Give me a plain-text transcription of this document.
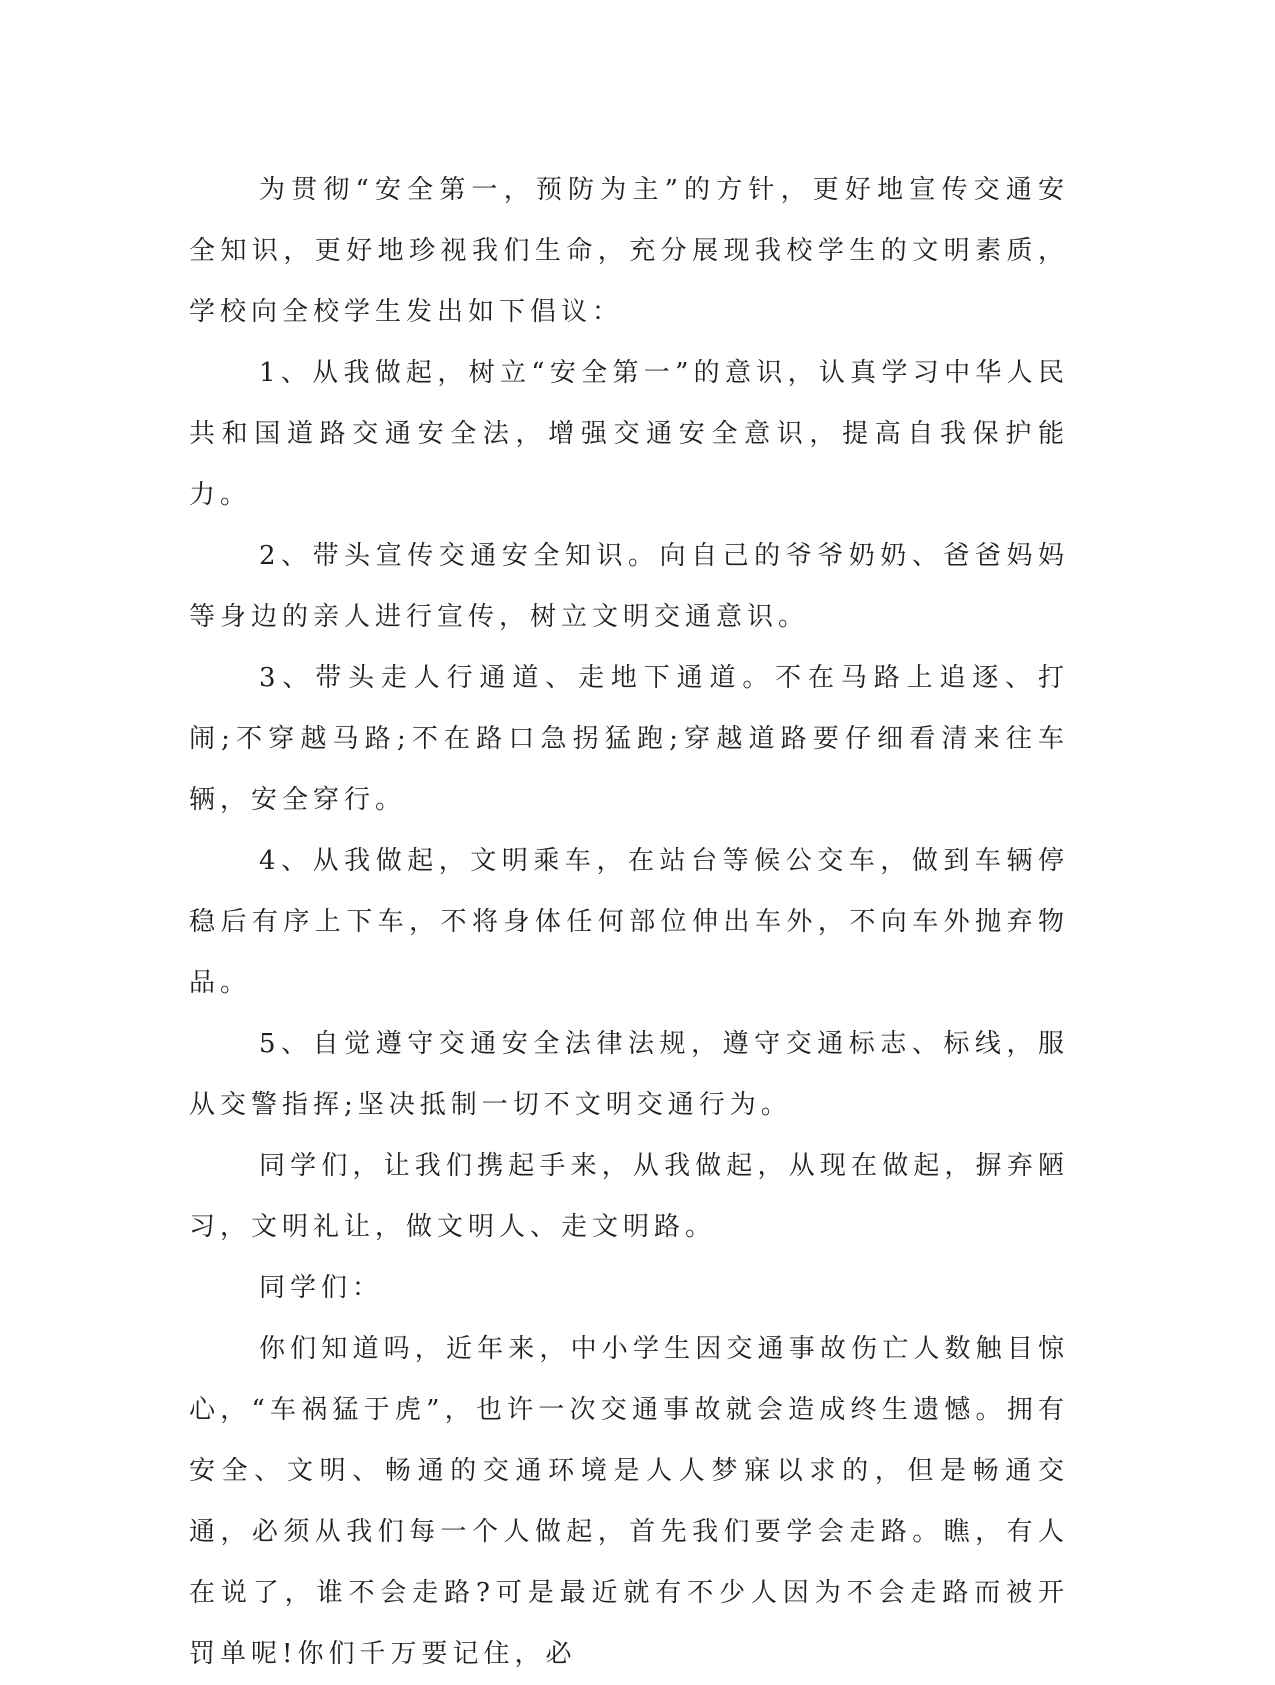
为贯彻“安全第一，预防为主”的方针，更好地宣传交通安全知识，更好地珍视我们生命，充分展现我校学生的文明素质，学校向全校学生发出如下倡议：

1、从我做起，树立“安全第一”的意识，认真学习中华人民共和国道路交通安全法，增强交通安全意识，提高自我保护能力。

2、带头宣传交通安全知识。向自己的爷爷奶奶、爸爸妈妈等身边的亲人进行宣传，树立文明交通意识。

3、带头走人行通道、走地下通道。不在马路上追逐、打闹;不穿越马路;不在路口急拐猛跑;穿越道路要仔细看清来往车辆，安全穿行。

4、从我做起，文明乘车，在站台等候公交车，做到车辆停稳后有序上下车，不将身体任何部位伸出车外，不向车外抛弃物品。

5、自觉遵守交通安全法律法规，遵守交通标志、标线，服从交警指挥;坚决抵制一切不文明交通行为。

同学们，让我们携起手来，从我做起，从现在做起，摒弃陋习，文明礼让，做文明人、走文明路。

同学们：

你们知道吗，近年来，中小学生因交通事故伤亡人数触目惊心，“车祸猛于虎”，也许一次交通事故就会造成终生遗憾。拥有安全、文明、畅通的交通环境是人人梦寐以求的，但是畅通交通，必须从我们每一个人做起，首先我们要学会走路。瞧，有人在说了，谁不会走路?可是最近就有不少人因为不会走路而被开罚单呢!你们千万要记住，必
